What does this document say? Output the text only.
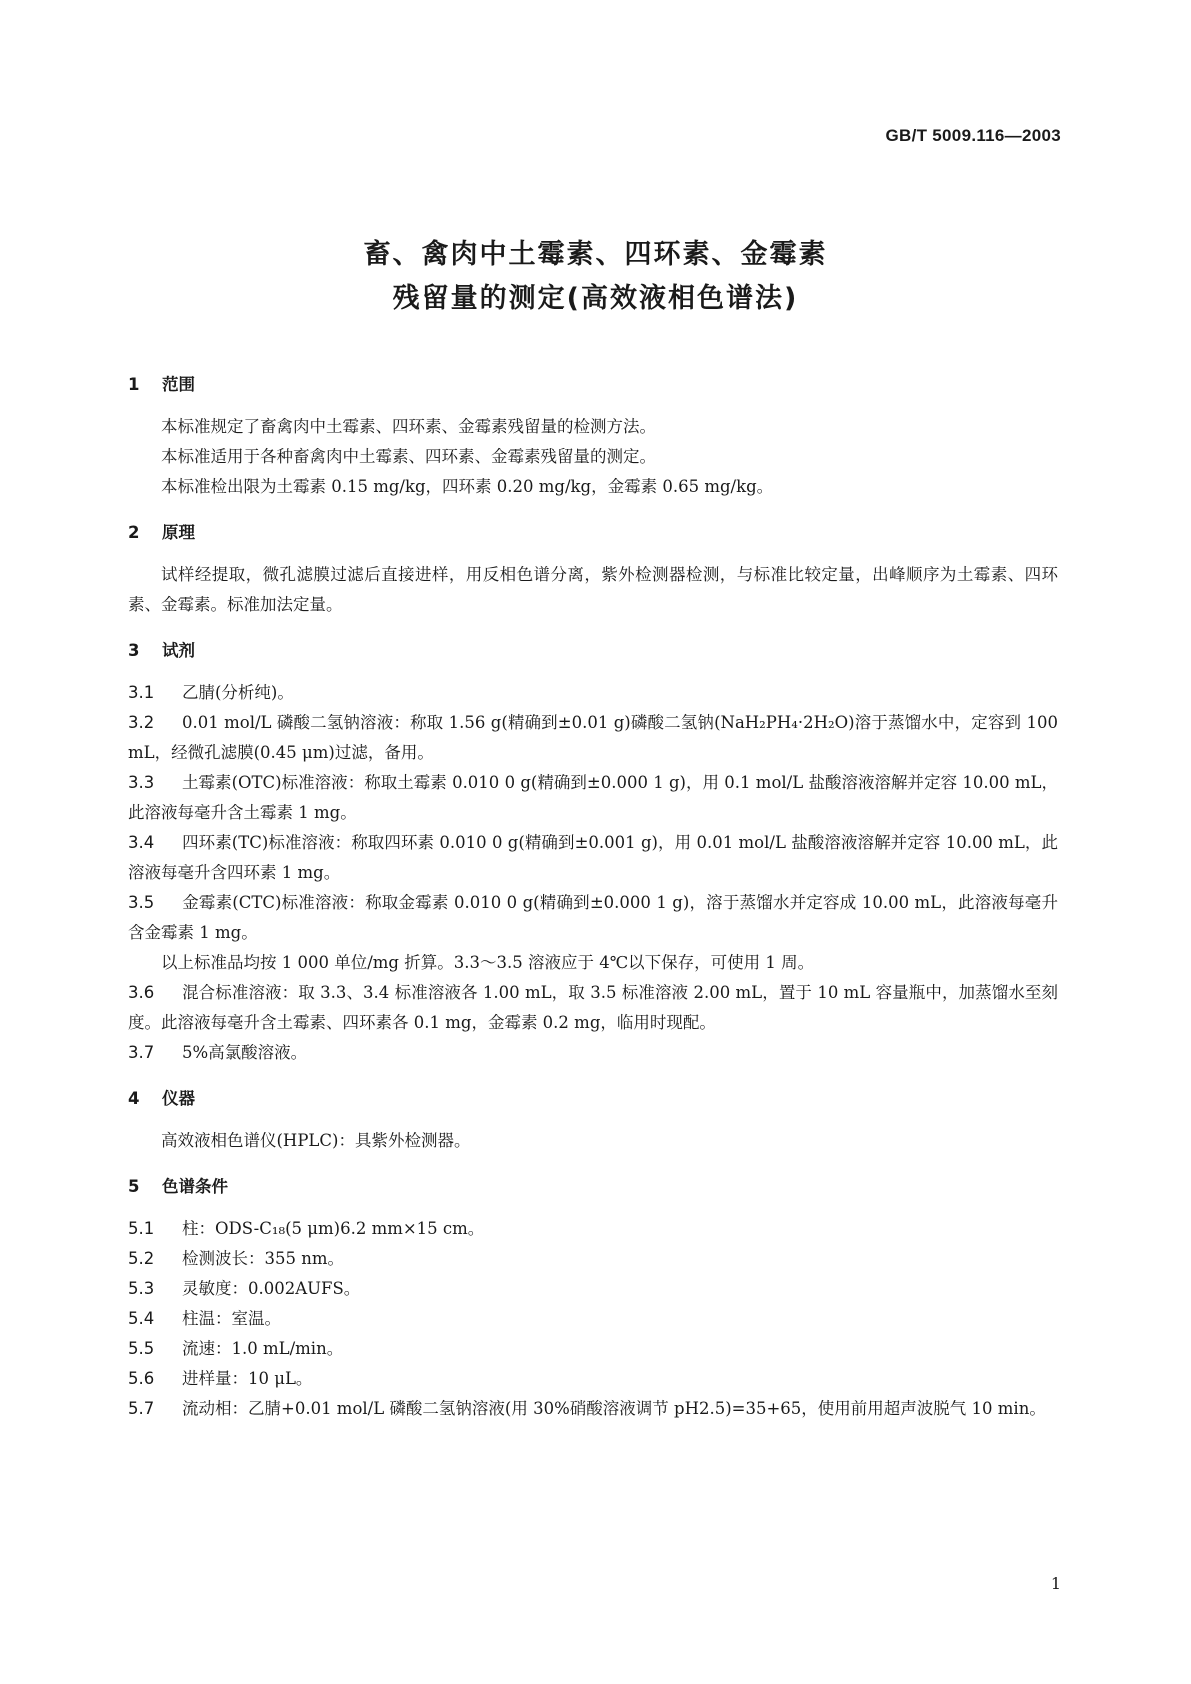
GB/T 5009.116—2003
畜、禽肉中土霉素、四环素、金霉素
残留量的测定(高效液相色谱法)

1 范围

本标准规定了畜禽肉中土霉素、四环素、金霉素残留量的检测方法。

本标准适用于各种畜禽肉中土霉素、四环素、金霉素残留量的测定。

本标准检出限为土霉素 0.15 mg/kg，四环素 0.20 mg/kg，金霉素 0.65 mg/kg。

2 原理

试样经提取，微孔滤膜过滤后直接进样，用反相色谱分离，紫外检测器检测，与标准比较定量，出峰顺序为土霉素、四环素、金霉素。标准加法定量。

3 试剂

3.1 乙腈(分析纯)。

3.2 0.01 mol/L 磷酸二氢钠溶液：称取 1.56 g(精确到±0.01 g)磷酸二氢钠(NaH₂PH₄·2H₂O)溶于蒸馏水中，定容到 100 mL，经微孔滤膜(0.45 μm)过滤，备用。

3.3 土霉素(OTC)标准溶液：称取土霉素 0.010 0 g(精确到±0.000 1 g)，用 0.1 mol/L 盐酸溶液溶解并定容 10.00 mL，此溶液每毫升含土霉素 1 mg。

3.4 四环素(TC)标准溶液：称取四环素 0.010 0 g(精确到±0.001 g)，用 0.01 mol/L 盐酸溶液溶解并定容 10.00 mL，此溶液每毫升含四环素 1 mg。

3.5 金霉素(CTC)标准溶液：称取金霉素 0.010 0 g(精确到±0.000 1 g)，溶于蒸馏水并定容成 10.00 mL，此溶液每毫升含金霉素 1 mg。

以上标准品均按 1 000 单位/mg 折算。3.3～3.5 溶液应于 4℃以下保存，可使用 1 周。

3.6 混合标准溶液：取 3.3、3.4 标准溶液各 1.00 mL，取 3.5 标准溶液 2.00 mL，置于 10 mL 容量瓶中，加蒸馏水至刻度。此溶液每毫升含土霉素、四环素各 0.1 mg，金霉素 0.2 mg，临用时现配。

3.7 5%高氯酸溶液。

4 仪器

高效液相色谱仪(HPLC)：具紫外检测器。

5 色谱条件

5.1 柱：ODS-C₁₈(5 μm)6.2 mm×15 cm。

5.2 检测波长：355 nm。

5.3 灵敏度：0.002AUFS。

5.4 柱温：室温。

5.5 流速：1.0 mL/min。

5.6 进样量：10 μL。

5.7 流动相：乙腈+0.01 mol/L 磷酸二氢钠溶液(用 30%硝酸溶液调节 pH2.5)=35+65，使用前用超声波脱气 10 min。

1
